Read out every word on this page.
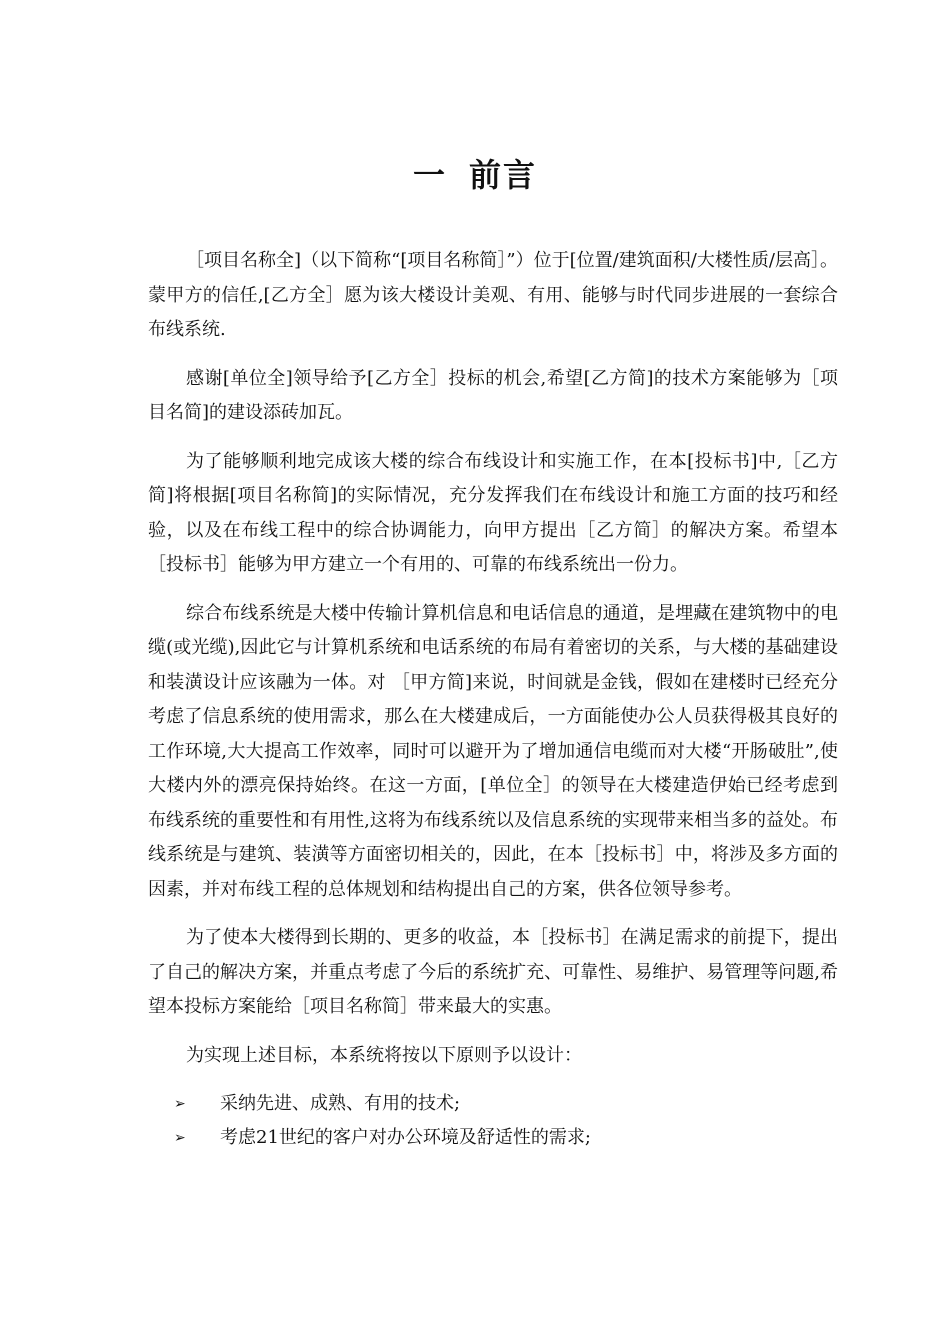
一 前言

［项目名称全]（以下简称“[项目名称简］”）位于[位置/建筑面积/大楼性质/层高］。蒙甲方的信任,[乙方全］愿为该大楼设计美观、有用、能够与时代同步进展的一套综合布线系统.

感谢[单位全]领导给予[乙方全］投标的机会,希望[乙方简]的技术方案能够为［项目名简]的建设添砖加瓦。

为了能够顺利地完成该大楼的综合布线设计和实施工作，在本[投标书]中,［乙方简]将根据[项目名称简]的实际情况，充分发挥我们在布线设计和施工方面的技巧和经验，以及在布线工程中的综合协调能力，向甲方提出［乙方简］的解决方案。希望本［投标书］能够为甲方建立一个有用的、可靠的布线系统出一份力。

综合布线系统是大楼中传输计算机信息和电话信息的通道，是埋藏在建筑物中的电缆(或光缆),因此它与计算机系统和电话系统的布局有着密切的关系，与大楼的基础建设和装潢设计应该融为一体。对 ［甲方简]来说，时间就是金钱，假如在建楼时已经充分考虑了信息系统的使用需求，那么在大楼建成后，一方面能使办公人员获得极其良好的工作环境,大大提高工作效率，同时可以避开为了增加通信电缆而对大楼“开肠破肚”,使大楼内外的漂亮保持始终。在这一方面，[单位全］的领导在大楼建造伊始已经考虑到布线系统的重要性和有用性,这将为布线系统以及信息系统的实现带来相当多的益处。布线系统是与建筑、装潢等方面密切相关的，因此，在本［投标书］中，将涉及多方面的因素，并对布线工程的总体规划和结构提出自己的方案，供各位领导参考。

为了使本大楼得到长期的、更多的收益，本［投标书］在满足需求的前提下，提出了自己的解决方案，并重点考虑了今后的系统扩充、可靠性、易维护、易管理等问题,希望本投标方案能给［项目名称简］带来最大的实惠。

为实现上述目标，本系统将按以下原则予以设计：

➢ 采纳先进、成熟、有用的技术;
➢ 考虑21世纪的客户对办公环境及舒适性的需求;
